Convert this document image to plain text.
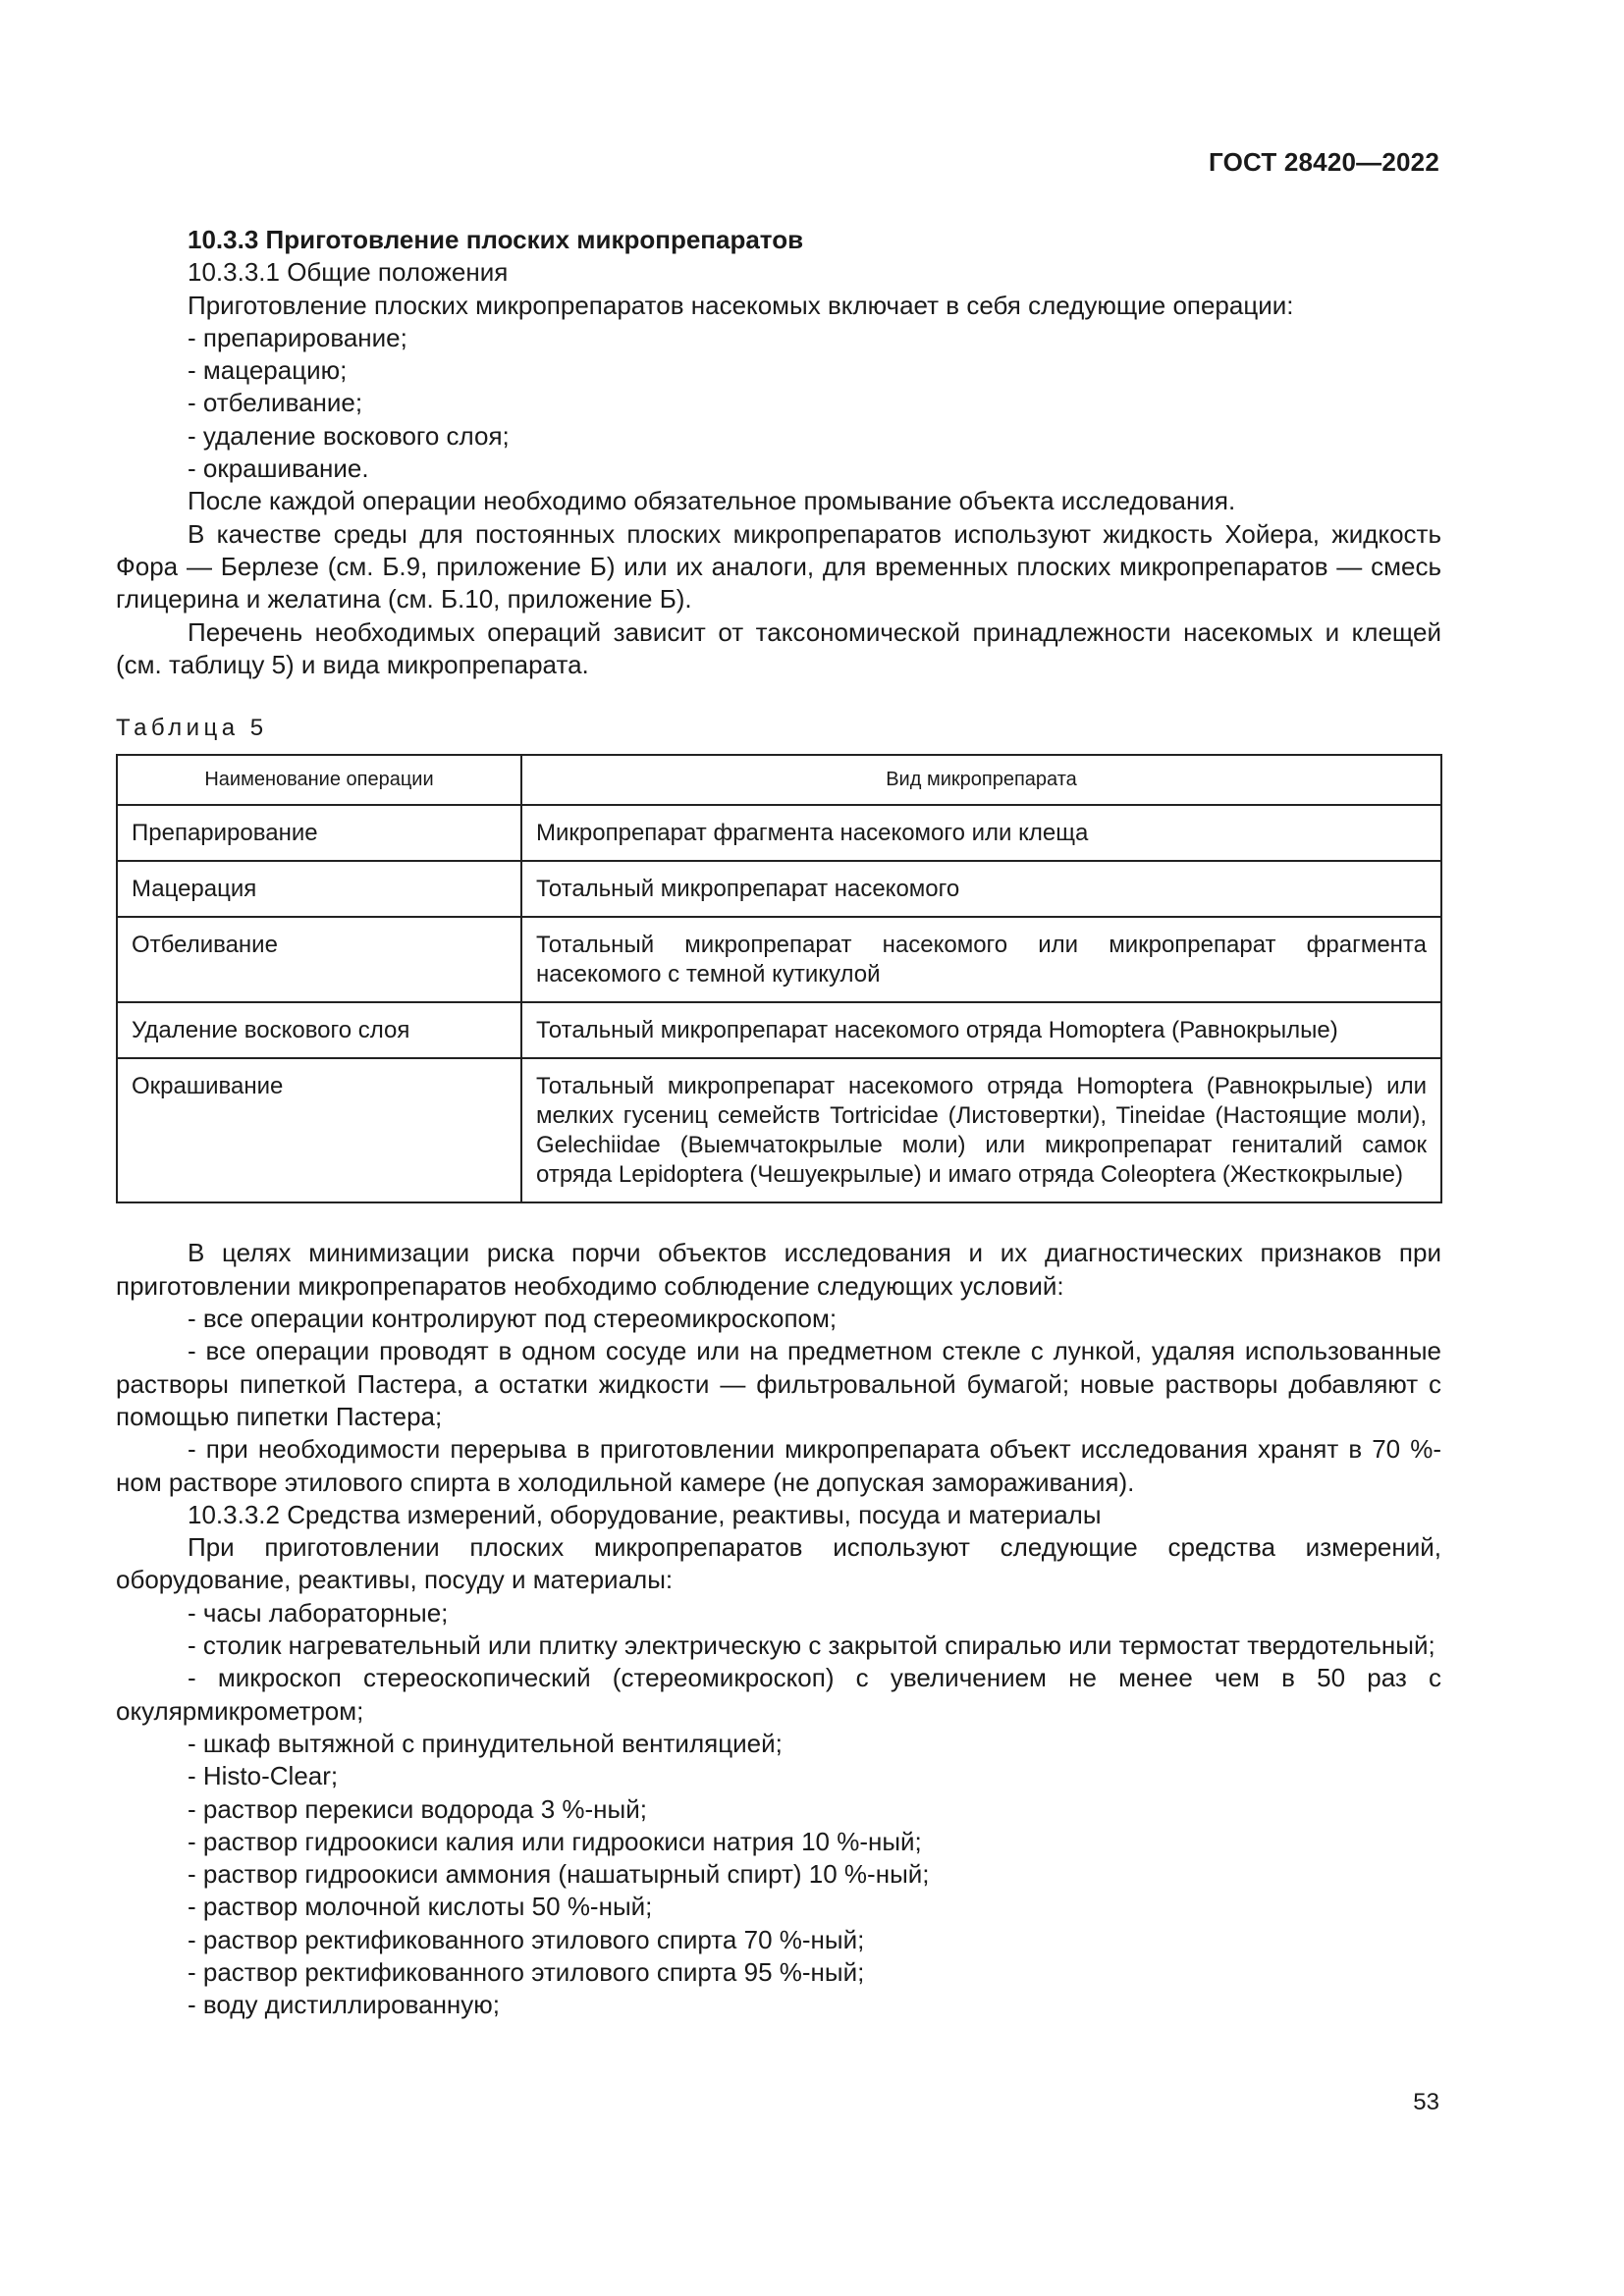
ГОСТ 28420—2022

10.3.3 Приготовление плоских микропрепаратов

10.3.3.1 Общие положения

Приготовление плоских микропрепаратов насекомых включает в себя следующие операции:

- препарирование;

- мацерацию;

- отбеливание;

- удаление воскового слоя;

- окрашивание.

После каждой операции необходимо обязательное промывание объекта исследования.

В качестве среды для постоянных плоских микропрепаратов используют жидкость Хойера, жидкость Фора — Берлезе (см. Б.9, приложение Б) или их аналоги, для временных плоских микропрепаратов — смесь глицерина и желатина (см. Б.10, приложение Б).

Перечень необходимых операций зависит от таксономической принадлежности насекомых и клещей (см. таблицу 5) и вида микропрепарата.

Таблица 5
Наименование операции	Вид микропрепарата
Препарирование	Микропрепарат фрагмента насекомого или клеща
Мацерация	Тотальный микропрепарат насекомого
Отбеливание	Тотальный микропрепарат насекомого или микропрепарат фрагмента насекомого с темной кутикулой
Удаление воскового слоя	Тотальный микропрепарат насекомого отряда Homoptera (Равнокрылые)
Окрашивание	Тотальный микропрепарат насекомого отряда Homoptera (Равнокрылые) или мелких гусениц семейств Tortricidae (Листовертки), Tineidae (Настоящие моли), Gelechiidae (Выемчатокрылые моли) или микропрепарат гениталий самок отряда Lepidoptera (Чешуекрылые) и имаго отряда Coleoptera (Жесткокрылые)

В целях минимизации риска порчи объектов исследования и их диагностических признаков при приготовлении микропрепаратов необходимо соблюдение следующих условий:

- все операции контролируют под стереомикроскопом;

- все операции проводят в одном сосуде или на предметном стекле с лункой, удаляя использованные растворы пипеткой Пастера, а остатки жидкости — фильтровальной бумагой; новые растворы добавляют с помощью пипетки Пастера;

- при необходимости перерыва в приготовлении микропрепарата объект исследования хранят в 70 %-ном растворе этилового спирта в холодильной камере (не допуская замораживания).

10.3.3.2 Средства измерений, оборудование, реактивы, посуда и материалы

При приготовлении плоских микропрепаратов используют следующие средства измерений, оборудование, реактивы, посуду и материалы:

- часы лабораторные;

- столик нагревательный или плитку электрическую с закрытой спиралью или термостат твердотельный;

- микроскоп стереоскопический (стереомикроскоп) с увеличением не менее чем в 50 раз с окулярмикрометром;

- шкаф вытяжной с принудительной вентиляцией;

- Histo-Clear;

- раствор перекиси водорода 3 %-ный;

- раствор гидроокиси калия или гидроокиси натрия 10 %-ный;

- раствор гидроокиси аммония (нашатырный спирт) 10 %-ный;

- раствор молочной кислоты 50 %-ный;

- раствор ректификованного этилового спирта 70 %-ный;

- раствор ректификованного этилового спирта 95 %-ный;

- воду дистиллированную;

53
